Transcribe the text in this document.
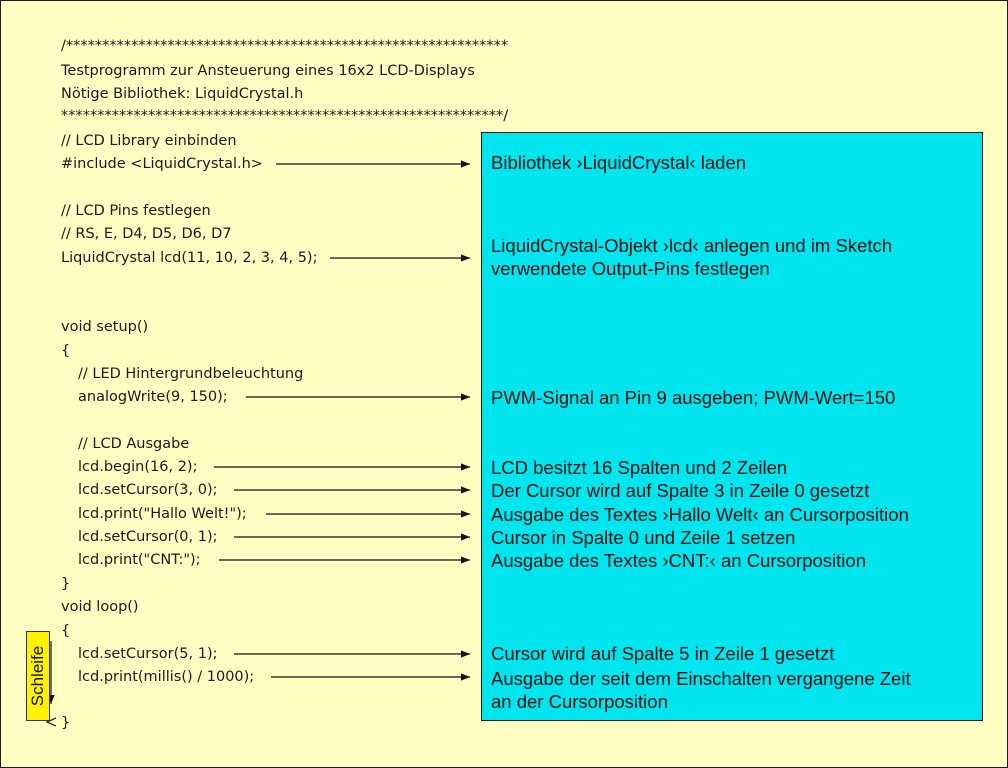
/*************************************************************
Testprogramm zur Ansteuerung eines 16x2 LCD-Displays
Nötige Bibliothek: LiquidCrystal.h
*************************************************************/
// LCD Library einbinden
#include <LiquidCrystal.h>
// LCD Pins festlegen
// RS, E, D4, D5, D6, D7
LiquidCrystal lcd(11, 10, 2, 3, 4, 5);
void setup()
{
// LED Hintergrundbeleuchtung
analogWrite(9, 150);
// LCD Ausgabe
lcd.begin(16, 2);
lcd.setCursor(3, 0);
lcd.print("Hallo Welt!");
lcd.setCursor(0, 1);
lcd.print("CNT:");
}
void loop()
{
lcd.setCursor(5, 1);
lcd.print(millis() / 1000);
}
Bibliothek ›LiquidCrystal‹ laden
LiquidCrystal-Objekt ›lcd‹ anlegen und im Sketch
verwendete Output-Pins festlegen
PWM-Signal an Pin 9 ausgeben; PWM-Wert=150
LCD besitzt 16 Spalten und 2 Zeilen
Der Cursor wird auf Spalte 3 in Zeile 0 gesetzt
Ausgabe des Textes ›Hallo Welt‹ an Cursorposition
Cursor in Spalte 0 und Zeile 1 setzen
Ausgabe des Textes ›CNT:‹ an Cursorposition
Cursor wird auf Spalte 5 in Zeile 1 gesetzt
Ausgabe der seit dem Einschalten vergangene Zeit
an der Cursorposition
Schleife
